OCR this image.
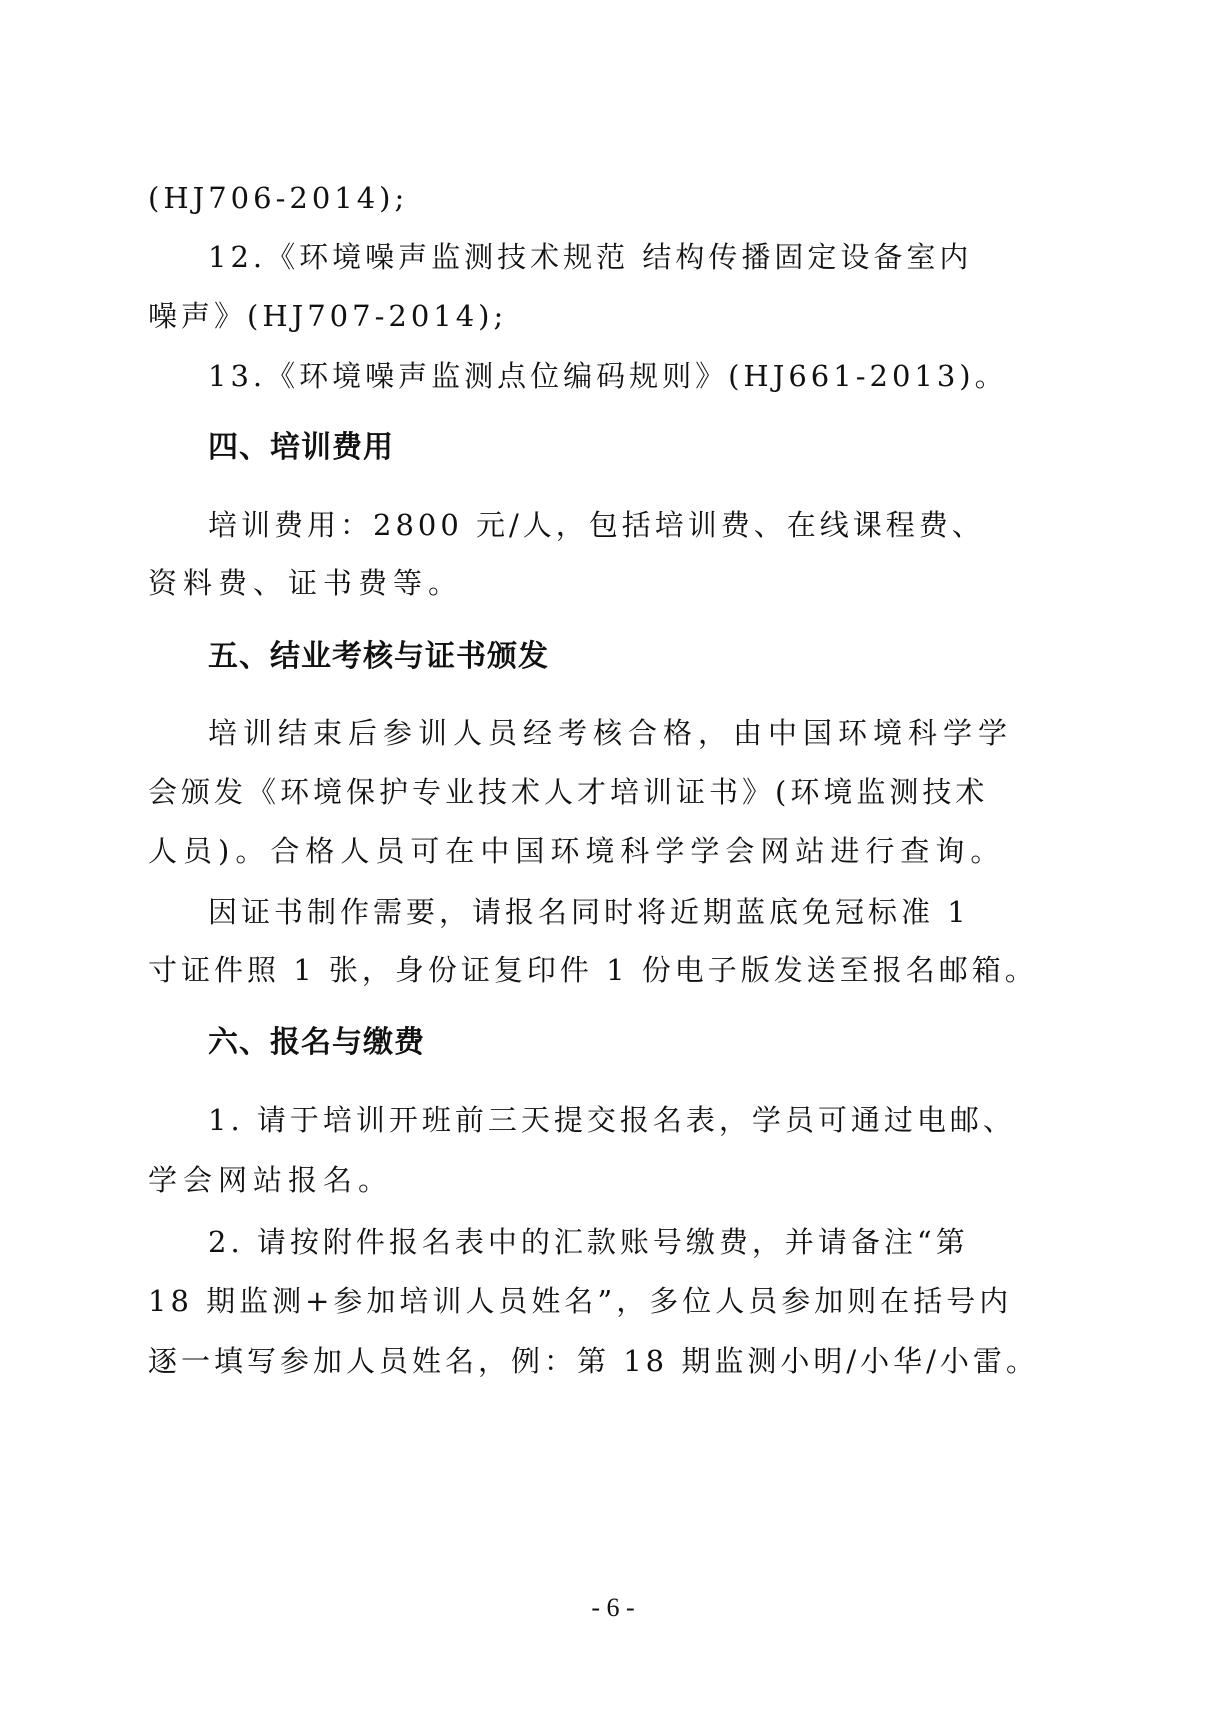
(HJ706-2014);
12.《环境噪声监测技术规范 结构传播固定设备室内
噪声》(HJ707-2014);
13.《环境噪声监测点位编码规则》(HJ661-2013)。
四、培训费用
培训费用：2800 元/人，包括培训费、在线课程费、
资料费、证书费等。
五、结业考核与证书颁发
培训结束后参训人员经考核合格，由中国环境科学学
会颁发《环境保护专业技术人才培训证书》(环境监测技术
人员)。合格人员可在中国环境科学学会网站进行查询。
因证书制作需要，请报名同时将近期蓝底免冠标准 1
寸证件照 1 张，身份证复印件 1 份电子版发送至报名邮箱。
六、报名与缴费
1. 请于培训开班前三天提交报名表，学员可通过电邮、
学会网站报名。
2. 请按附件报名表中的汇款账号缴费，并请备注“第
18 期监测+参加培训人员姓名”，多位人员参加则在括号内
逐一填写参加人员姓名，例：第 18 期监测小明/小华/小雷。
- 6 -
